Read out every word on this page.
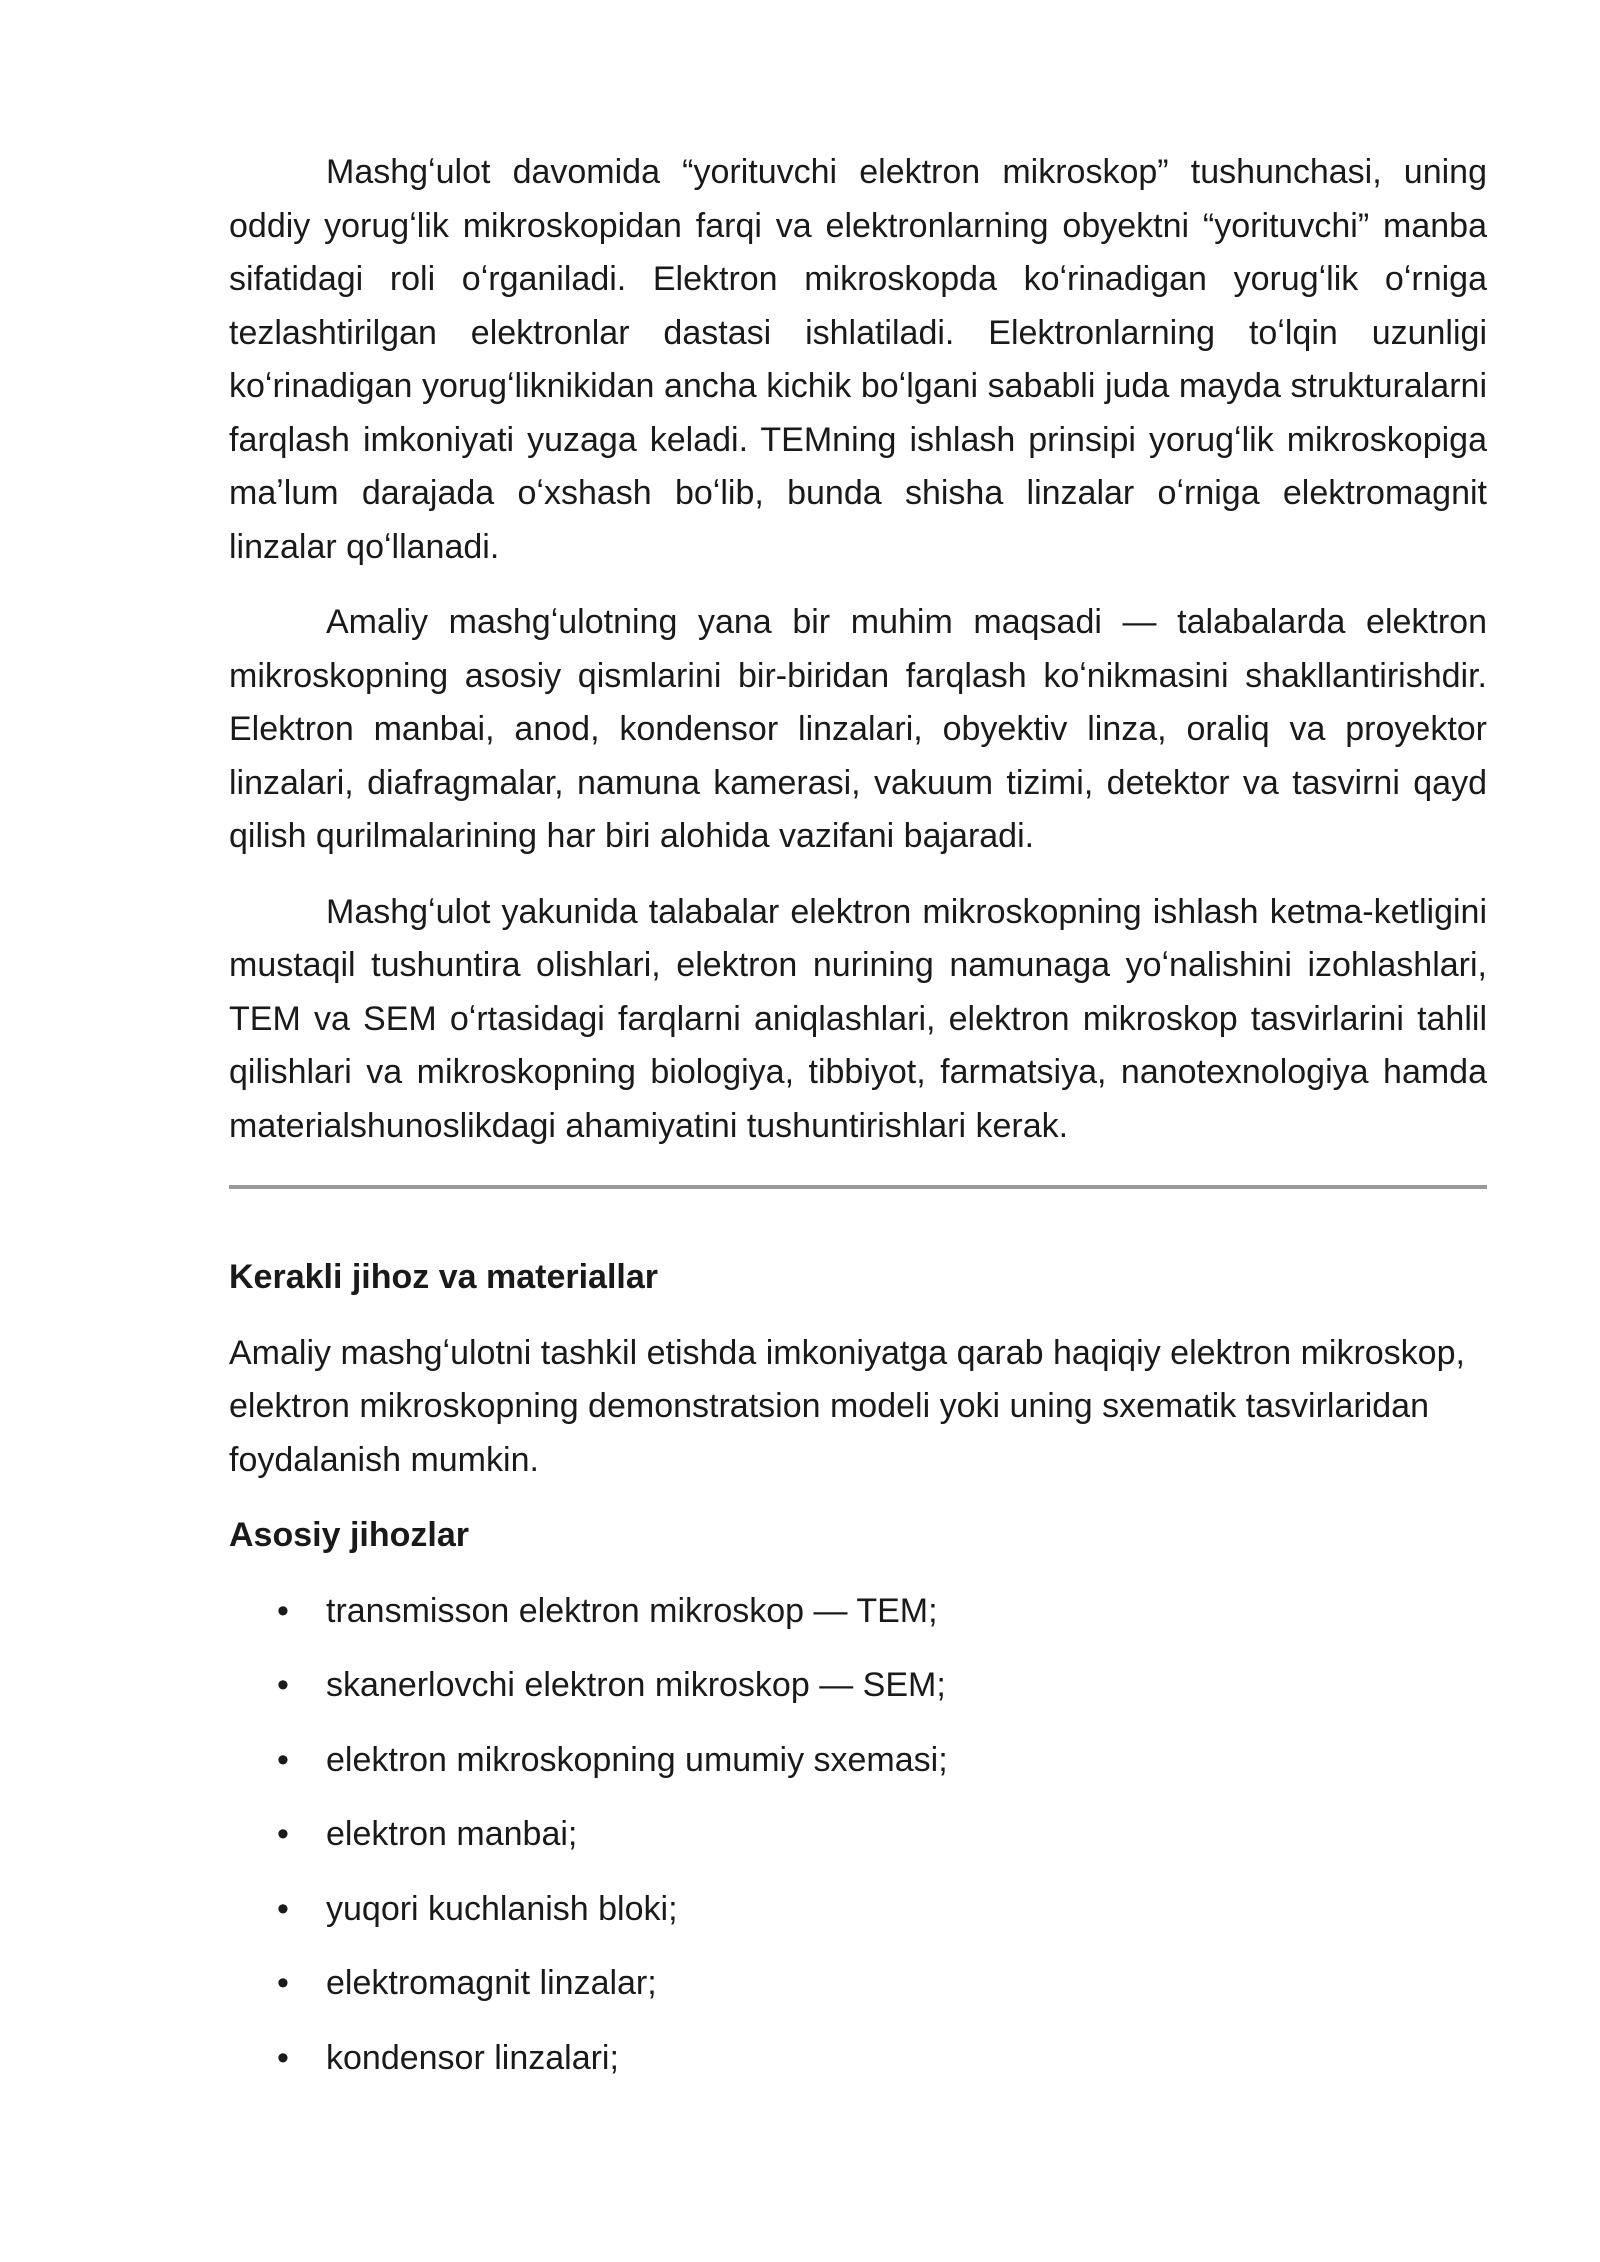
Mashgʻulot davomida “yorituvchi elektron mikroskop” tushunchasi, uning oddiy yorugʻlik mikroskopidan farqi va elektronlarning obyektni “yorituvchi” manba sifatidagi roli oʻrganiladi. Elektron mikroskopda koʻrinadigan yorugʻlik oʻrniga tezlashtirilgan elektronlar dastasi ishlatiladi. Elektronlarning toʻlqin uzunligi koʻrinadigan yorugʻliknikidan ancha kichik boʻlgani sababli juda mayda strukturalarni farqlash imkoniyati yuzaga keladi. TEMning ishlash prinsipi yorugʻlik mikroskopiga maʼlum darajada oʻxshash boʻlib, bunda shisha linzalar oʻrniga elektromagnit linzalar qoʻllanadi.

Amaliy mashgʻulotning yana bir muhim maqsadi — talabalarda elektron mikroskopning asosiy qismlarini bir-biridan farqlash koʻnikmasini shakllantirishdir. Elektron manbai, anod, kondensor linzalari, obyektiv linza, oraliq va proyektor linzalari, diafragmalar, namuna kamerasi, vakuum tizimi, detektor va tasvirni qayd qilish qurilmalarining har biri alohida vazifani bajaradi.

Mashgʻulot yakunida talabalar elektron mikroskopning ishlash ketma-ketligini mustaqil tushuntira olishlari, elektron nurining namunaga yoʻnalishini izohlashlari, TEM va SEM oʻrtasidagi farqlarni aniqlashlari, elektron mikroskop tasvirlarini tahlil qilishlari va mikroskopning biologiya, tibbiyot, farmatsiya, nanotexnologiya hamda materialshunoslikdagi ahamiyatini tushuntirishlari kerak.

Kerakli jihoz va materiallar

Amaliy mashgʻulotni tashkil etishda imkoniyatga qarab haqiqiy elektron mikroskop, elektron mikroskopning demonstratsion modeli yoki uning sxematik tasvirlaridan foydalanish mumkin.

Asosiy jihozlar
• transmisson elektron mikroskop — TEM;
• skanerlovchi elektron mikroskop — SEM;
• elektron mikroskopning umumiy sxemasi;
• elektron manbai;
• yuqori kuchlanish bloki;
• elektromagnit linzalar;
• kondensor linzalari;
